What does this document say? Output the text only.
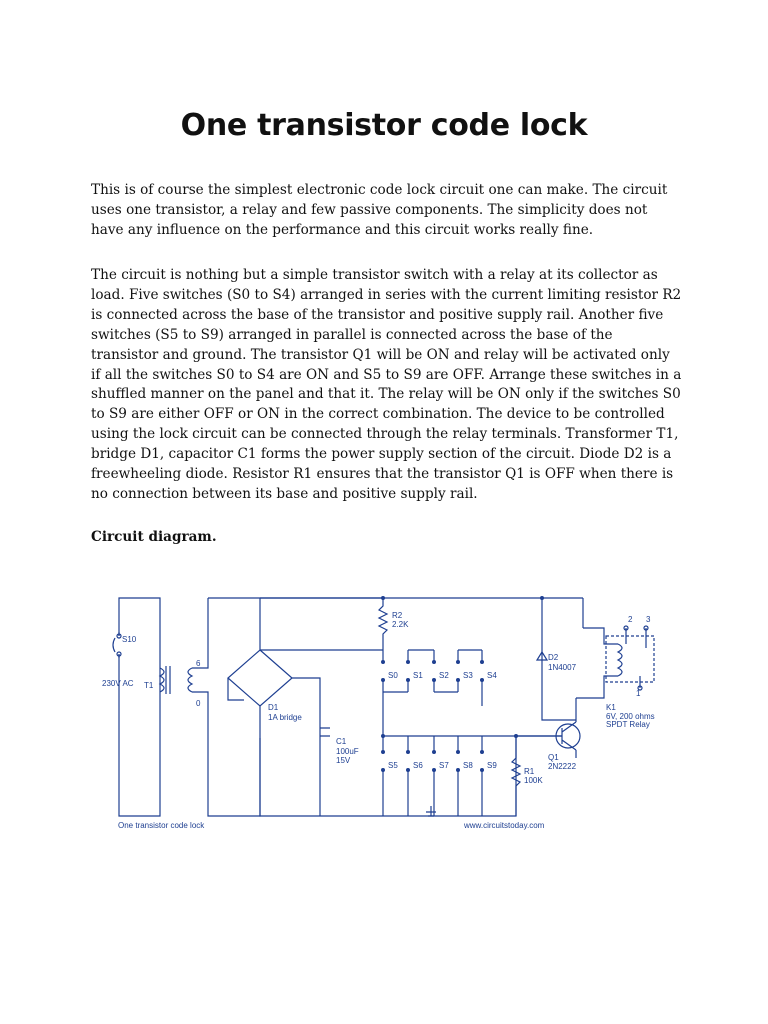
One transistor code lock

This is of course the simplest electronic code lock circuit one can make. The circuit uses one transistor, a relay and few passive components. The simplicity does not have any influence on the performance and this circuit works really fine.

The circuit is nothing but a simple transistor switch with a relay at its collector as load. Five switches (S0 to S4) arranged in series with the current limiting resistor R2 is connected across the base of the transistor and positive supply rail. Another five switches (S5 to S9) arranged in parallel is connected across the base of the transistor and ground. The transistor Q1 will be ON and relay will be activated only if all the switches S0 to S4 are ON and S5 to S9 are OFF. Arrange these switches in a shuffled manner on the panel and that it. The relay will be ON only if the switches S0 to S9 are either OFF or ON in the correct combination. The device to be controlled using the lock circuit can be connected through the relay terminals. Transformer T1, bridge D1, capacitor C1 forms the power supply section of the circuit. Diode D2 is a freewheeling diode. Resistor R1 ensures that the transistor Q1 is OFF when there is no connection between its base and positive supply rail.

Circuit diagram.

S10
230V AC T1
6
0	D1
1A bridge
C1
100uF
15V
R2
2.2K
S0 S1 S2 S3 S4
S5 S6 S7 S8 S9
R1
100K
D2
1N4007
Q1
2N2222
K1
6V, 200 ohms
SPDT Relay
1
2 3
One transistor code lock	www.circuitstoday.com
